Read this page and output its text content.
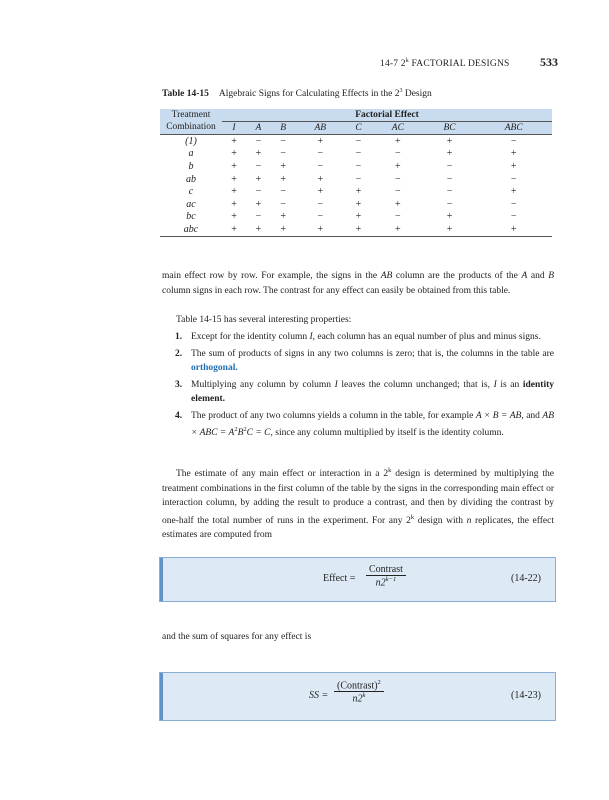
14-7 2$^k$ FACTORIAL DESIGNS	533
Table 14-15 Algebraic Signs for Calculating Effects in the $2^3$ Design
Treatment	Factorial Effect							
Combination	I	A	B	AB	C	AC	BC	ABC
(1)	+	−	−	+	−	+	+	−
a	+	+	−	−	−	−	+	+
b	+	−	+	−	−	+	−	+
ab	+	+	+	+	−	−	−	−
c	+	−	−	+	+	−	−	+
ac	+	+	−	−	+	+	−	−
bc	+	−	+	−	+	−	+	−
abc	+	+	+	+	+	+	+	+
main effect row by row. For example, the signs in the AB column are the products of the A and B column signs in each row. The contrast for any effect can easily be obtained from this table.
Table 14-15 has several interesting properties:
1. Except for the identity column I, each column has an equal number of plus and minus signs.
2. The sum of products of signs in any two columns is zero; that is, the columns in the table are orthogonal.
3. Multiplying any column by column I leaves the column unchanged; that is, I is an identity element.
4. The product of any two columns yields a column in the table, for example A × B = AB, and AB × ABC = $A^2B^2C = C$, since any column multiplied by itself is the identity column.
The estimate of any main effect or interaction in a 2$^k$ design is determined by multiplying the treatment combinations in the first column of the table by the signs in the corresponding main effect or interaction column, by adding the result to produce a contrast, and then by dividing the contrast by one-half the total number of runs in the experiment. For any 2$^k$ design with n replicates, the effect estimates are computed from
Effect =
Contrast
$n2^{k-1}$	(14-22)
and the sum of squares for any effect is
SS =
(Contrast)$^2$
n2$^k$	(14-23)
